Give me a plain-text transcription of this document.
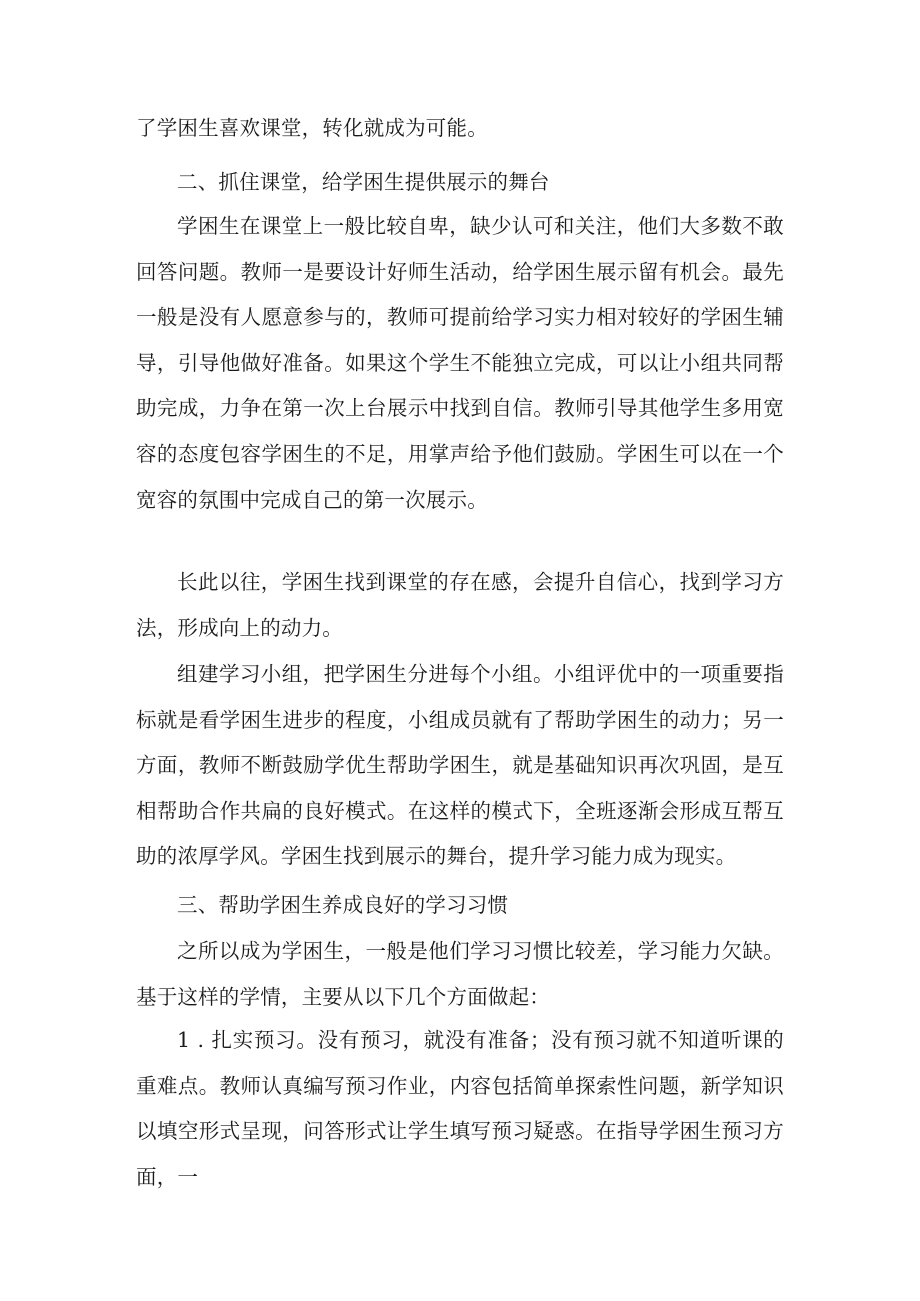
了学困生喜欢课堂，转化就成为可能。

二、抓住课堂，给学困生提供展示的舞台

学困生在课堂上一般比较自卑，缺少认可和关注，他们大多数不敢回答问题。教师一是要设计好师生活动，给学困生展示留有机会。最先一般是没有人愿意参与的，教师可提前给学习实力相对较好的学困生辅导，引导他做好准备。如果这个学生不能独立完成，可以让小组共同帮助完成，力争在第一次上台展示中找到自信。教师引导其他学生多用宽容的态度包容学困生的不足，用掌声给予他们鼓励。学困生可以在一个宽容的氛围中完成自己的第一次展示。

长此以往，学困生找到课堂的存在感，会提升自信心，找到学习方法，形成向上的动力。

组建学习小组，把学困生分进每个小组。小组评优中的一项重要指标就是看学困生进步的程度，小组成员就有了帮助学困生的动力；另一方面，教师不断鼓励学优生帮助学困生，就是基础知识再次巩固，是互相帮助合作共扁的良好模式。在这样的模式下，全班逐渐会形成互帮互助的浓厚学风。学困生找到展示的舞台，提升学习能力成为现实。

三、帮助学困生养成良好的学习习惯

之所以成为学困生，一般是他们学习习惯比较差，学习能力欠缺。基于这样的学情，主要从以下几个方面做起：

1 . 扎实预习。没有预习，就没有准备；没有预习就不知道听课的重难点。教师认真编写预习作业，内容包括简单探索性问题，新学知识以填空形式呈现，问答形式让学生填写预习疑惑。在指导学困生预习方面，一
